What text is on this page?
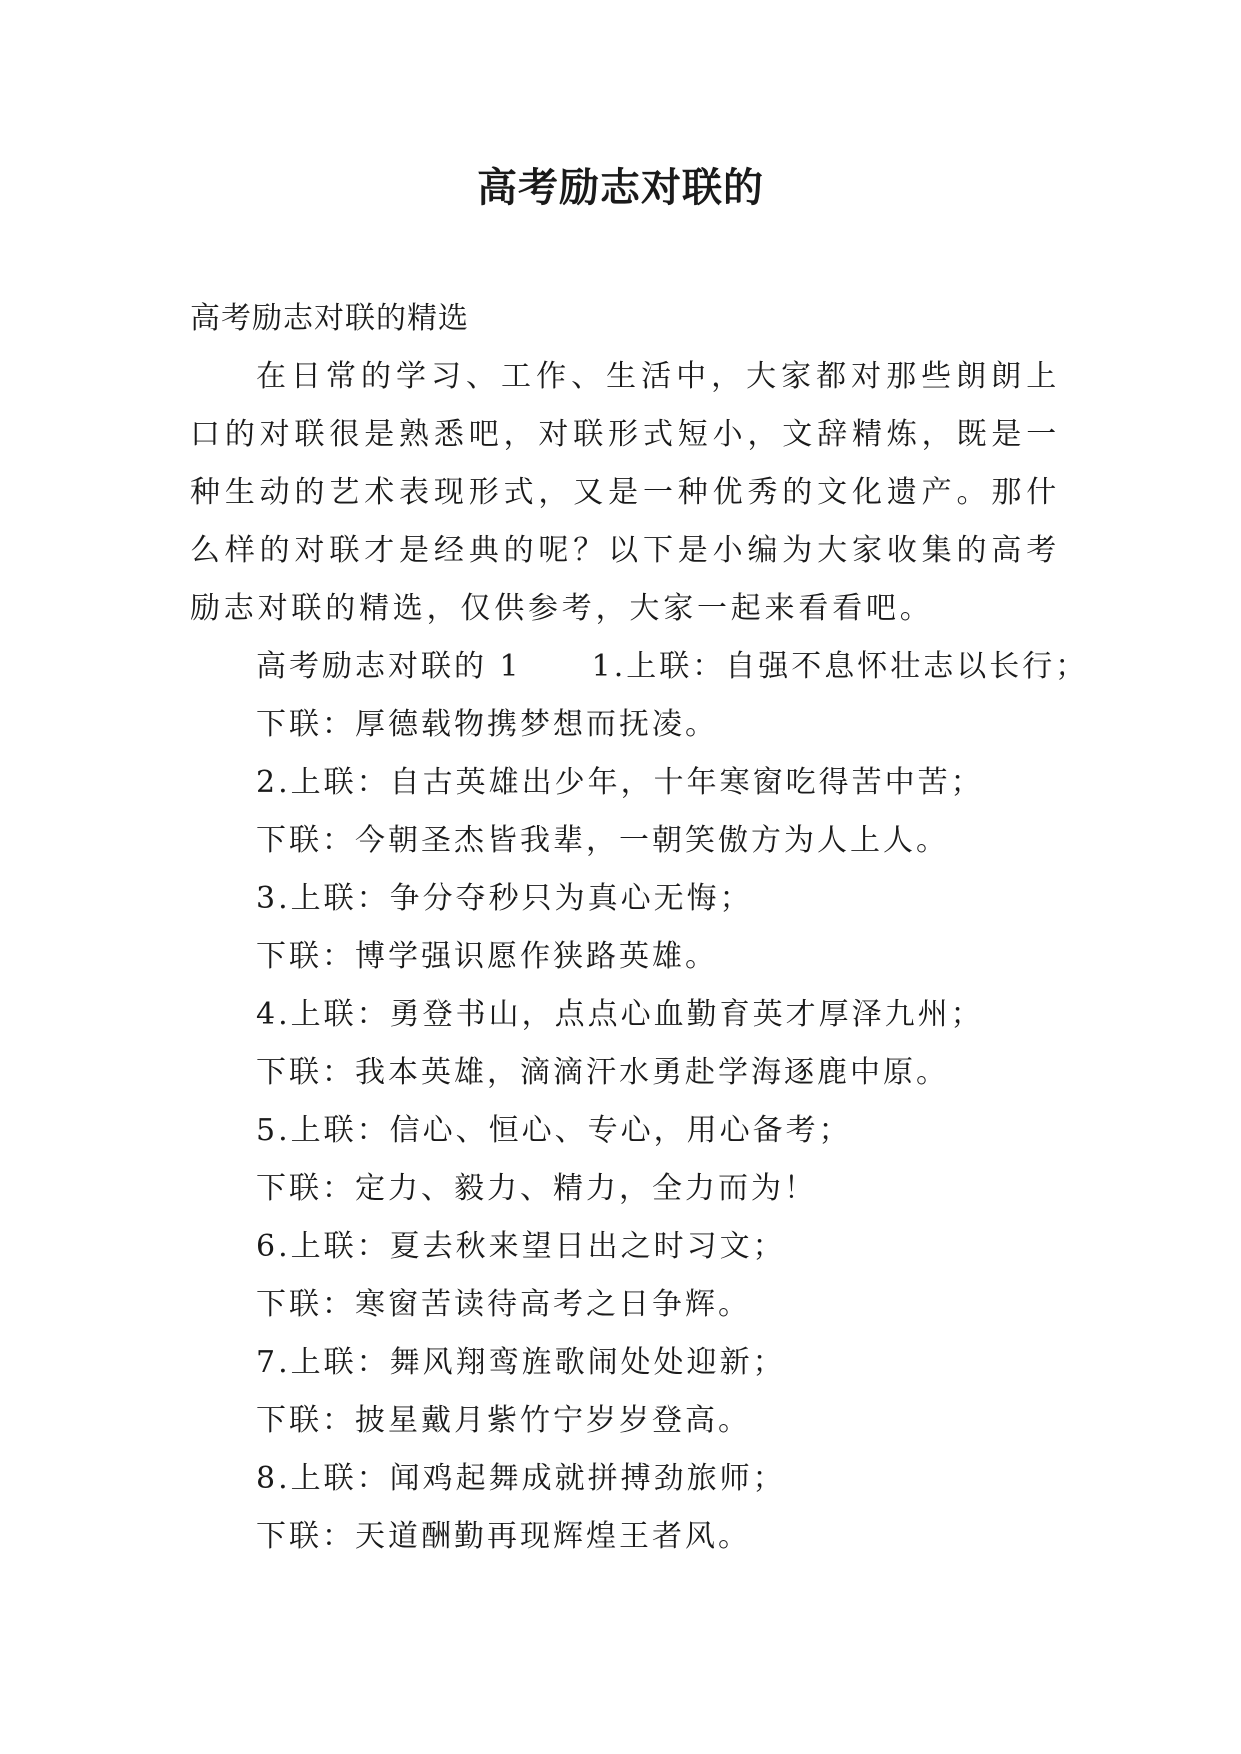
高考励志对联的
高考励志对联的精选

在日常的学习、工作、生活中，大家都对那些朗朗上口的对联很是熟悉吧，对联形式短小，文辞精炼，既是一种生动的艺术表现形式，又是一种优秀的文化遗产。那什么样的对联才是经典的呢？以下是小编为大家收集的高考励志对联的精选，仅供参考，大家一起来看看吧。

高考励志对联的 1 1.上联：自强不息怀壮志以长行；
下联：厚德载物携梦想而抚凌。
2.上联：自古英雄出少年，十年寒窗吃得苦中苦；
下联：今朝圣杰皆我辈，一朝笑傲方为人上人。
3.上联：争分夺秒只为真心无悔；
下联：博学强识愿作狭路英雄。
4.上联：勇登书山，点点心血勤育英才厚泽九州；
下联：我本英雄，滴滴汗水勇赴学海逐鹿中原。
5.上联：信心、恒心、专心，用心备考；
下联：定力、毅力、精力，全力而为！
6.上联：夏去秋来望日出之时习文；
下联：寒窗苦读待高考之日争辉。
7.上联：舞风翔鸾旌歌闹处处迎新；
下联：披星戴月紫竹宁岁岁登高。
8.上联：闻鸡起舞成就拼搏劲旅师；
下联：天道酬勤再现辉煌王者风。
